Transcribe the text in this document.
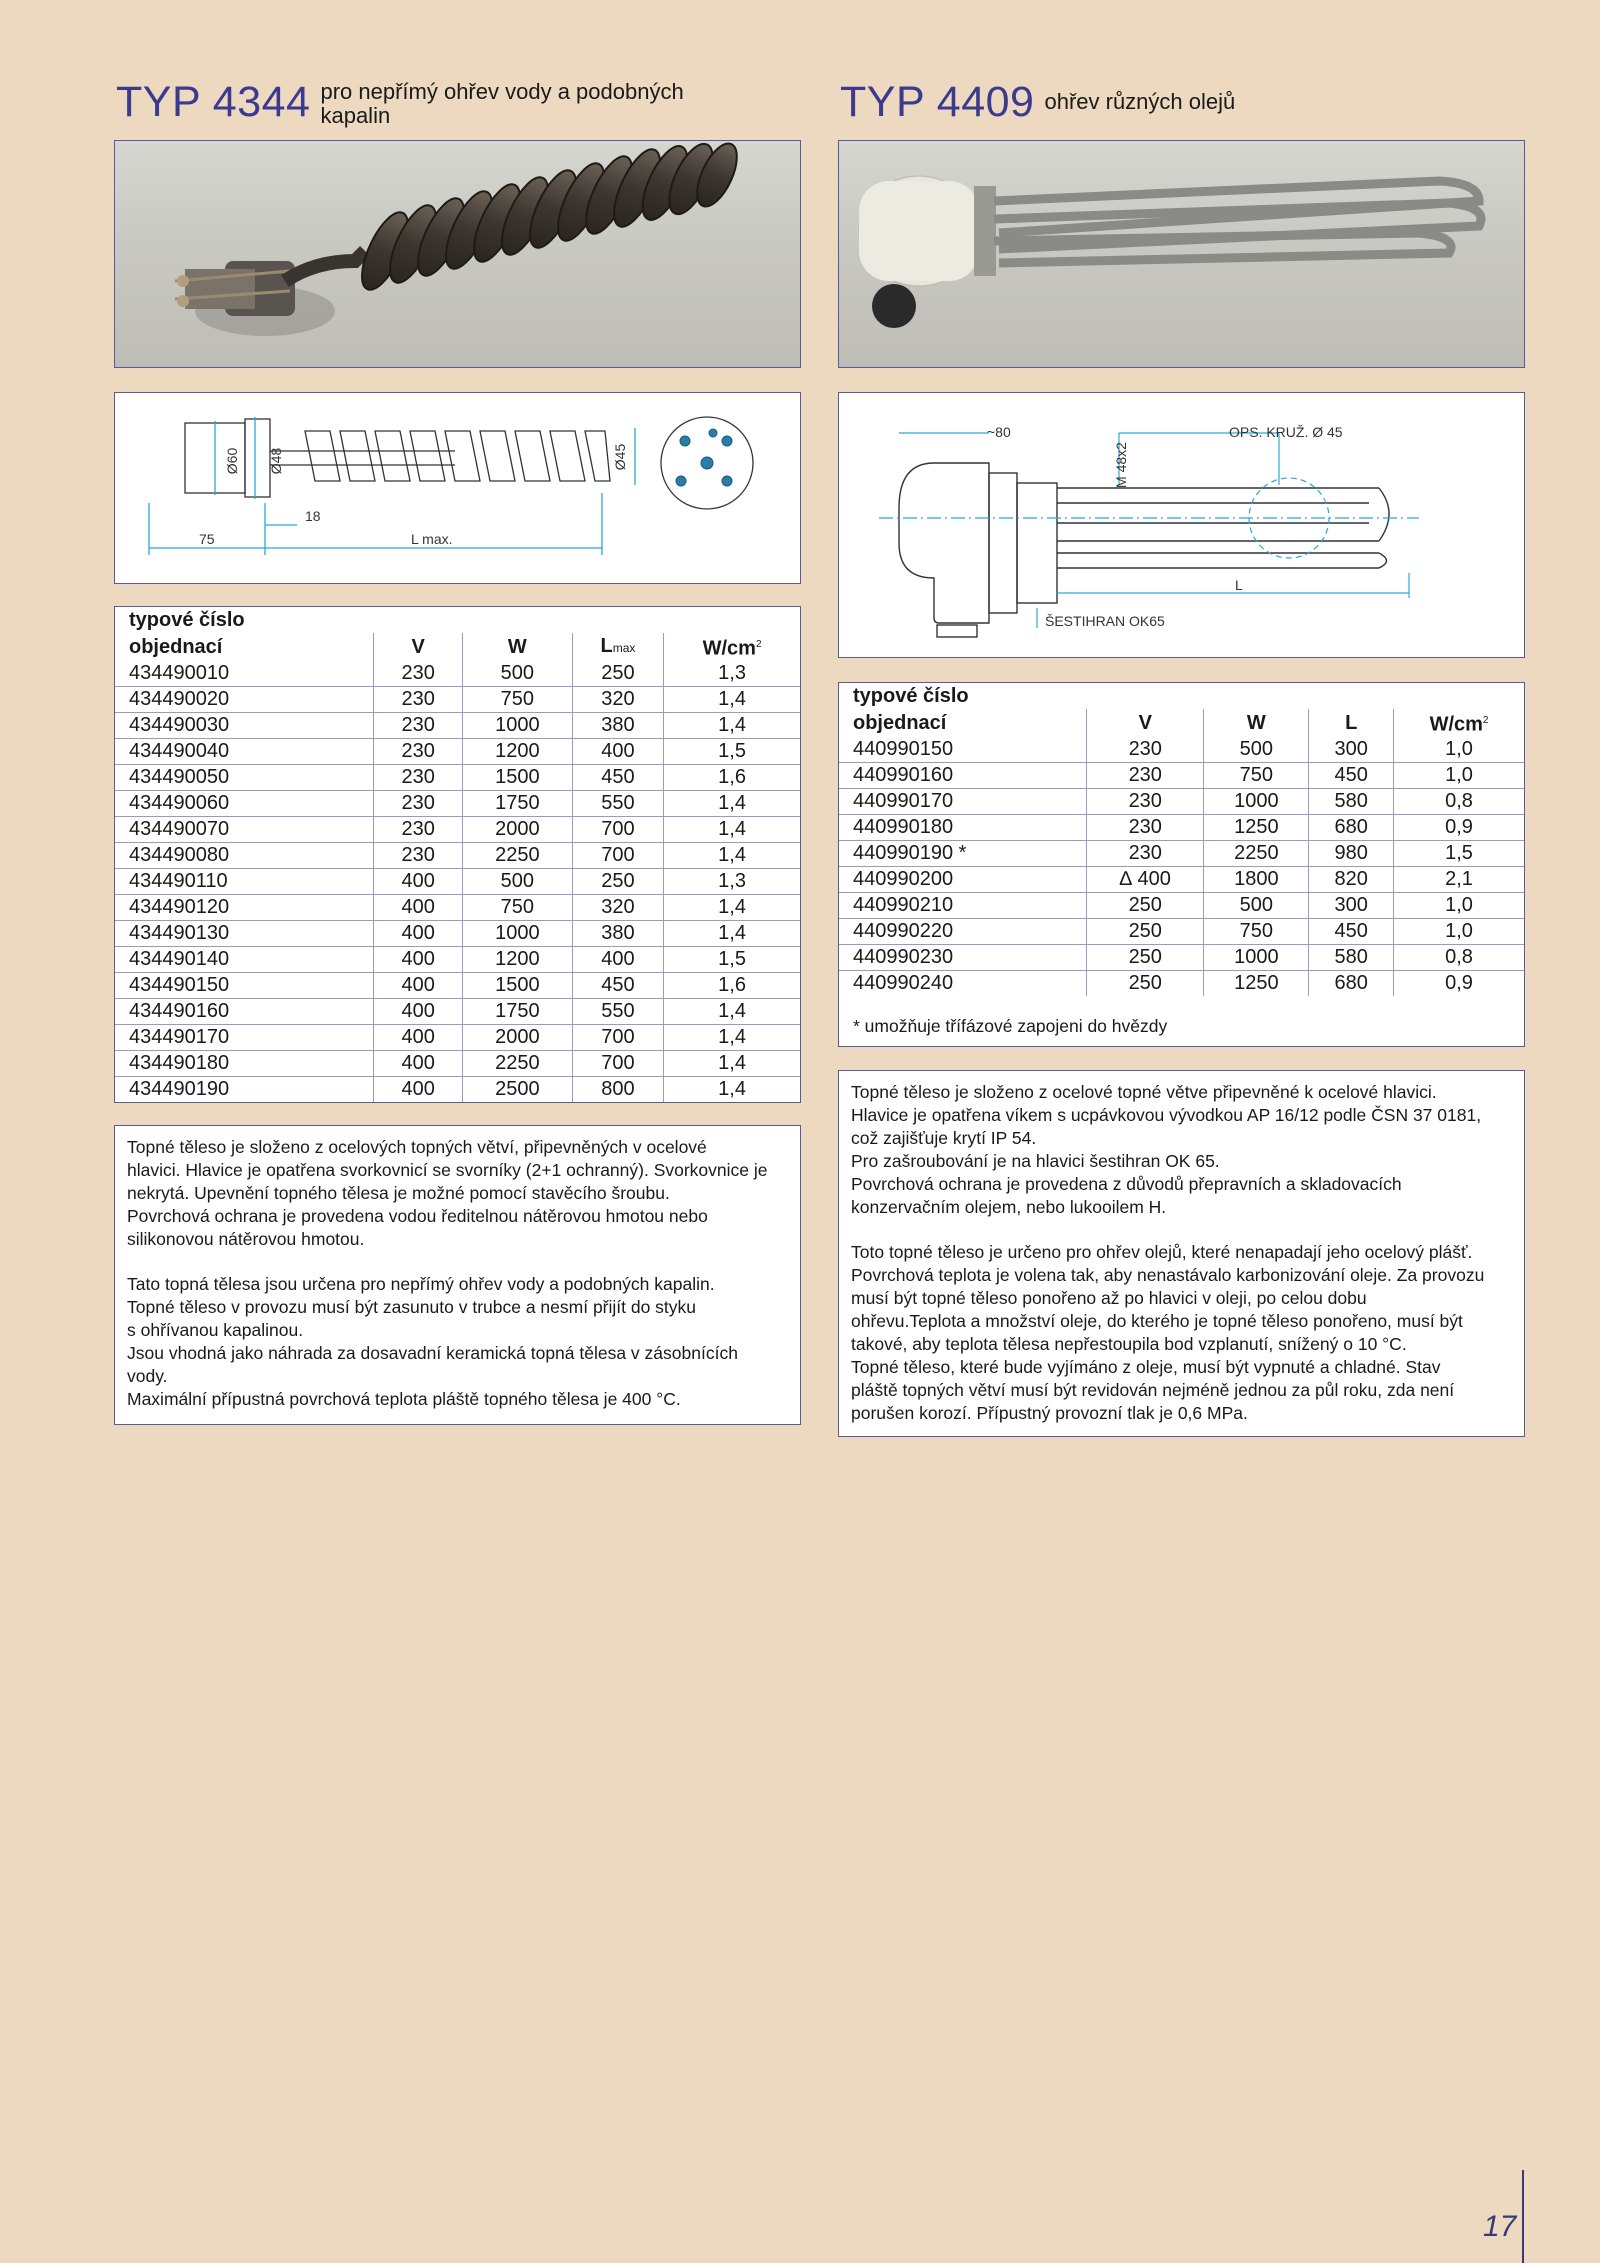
TYP 4344 pro nepřímý ohřev vody a podobných
kapalin
Ø60 Ø48	Ø45
18
75	L max.
typové číslo				
objednací	V	W	Lmax	$W/cm^2$
434490010	230	500	250	1,3
434490020	230	750	320	1,4
434490030	230	1000	380	1,4
434490040	230	1200	400	1,5
434490050	230	1500	450	1,6
434490060	230	1750	550	1,4
434490070	230	2000	700	1,4
434490080	230	2250	700	1,4
434490110	400	500	250	1,3
434490120	400	750	320	1,4
434490130	400	1000	380	1,4
434490140	400	1200	400	1,5
434490150	400	1500	450	1,6
434490160	400	1750	550	1,4
434490170	400	2000	700	1,4
434490180	400	2250	700	1,4
434490190	400	2500	800	1,4

Topné těleso je složeno z ocelových topných větví, připevněných v ocelové

hlavici. Hlavice je opatřena svorkovnicí se svorníky (2+1 ochranný). Svorkovnice je

nekrytá. Upevnění topného tělesa je možné pomocí stavěcího šroubu.

Povrchová ochrana je provedena vodou ředitelnou nátěrovou hmotou nebo

silikonovou nátěrovou hmotou.

Tato topná tělesa jsou určena pro nepřímý ohřev vody a podobných kapalin.

Topné těleso v provozu musí být zasunuto v trubce a nesmí přijít do styku

s ohřívanou kapalinou.

Jsou vhodná jako náhrada za dosavadní keramická topná tělesa v zásobnících

vody.

Maximální přípustná povrchová teplota pláště topného tělesa je 400 °C.

TYP 4409 ohřev různých olejů
~80
M 48x2
OPS. KRUŽ. Ø 45
L
ŠESTIHRAN OK65
typové číslo				
objednací	V	W	L	$W/cm^2$
440990150	230	500	300	1,0
440990160	230	750	450	1,0
440990170	230	1000	580	0,8
440990180	230	1250	680	0,9
440990190 *	230	2250	980	1,5
440990200	∆ 400	1800	820	2,1
440990210	250	500	300	1,0
440990220	250	750	450	1,0
440990230	250	1000	580	0,8
440990240	250	1250	680	0,9
* umožňuje třífázové zapojeni do hvězdy

Topné těleso je složeno z ocelové topné větve připevněné k ocelové hlavici.

Hlavice je opatřena víkem s ucpávkovou vývodkou AP 16/12 podle ČSN 37 0181,

což zajišťuje krytí IP 54.

Pro zašroubování je na hlavici šestihran OK 65.

Povrchová ochrana je provedena z důvodů přepravních a skladovacích

konzervačním olejem, nebo lukooilem H.

Toto topné těleso je určeno pro ohřev olejů, které nenapadají jeho ocelový plášť.

Povrchová teplota je volena tak, aby nenastávalo karbonizování oleje. Za provozu

musí být topné těleso ponořeno až po hlavici v oleji, po celou dobu

ohřevu.Teplota a množství oleje, do kterého je topné těleso ponořeno, musí být

takové, aby teplota tělesa nepřestoupila bod vzplanutí, snížený o 10 °C.

Topné těleso, které bude vyjímáno z oleje, musí být vypnuté a chladné. Stav

pláště topných větví musí být revidován nejméně jednou za půl roku, zda není

porušen korozí. Přípustný provozní tlak je 0,6 MPa.

17
